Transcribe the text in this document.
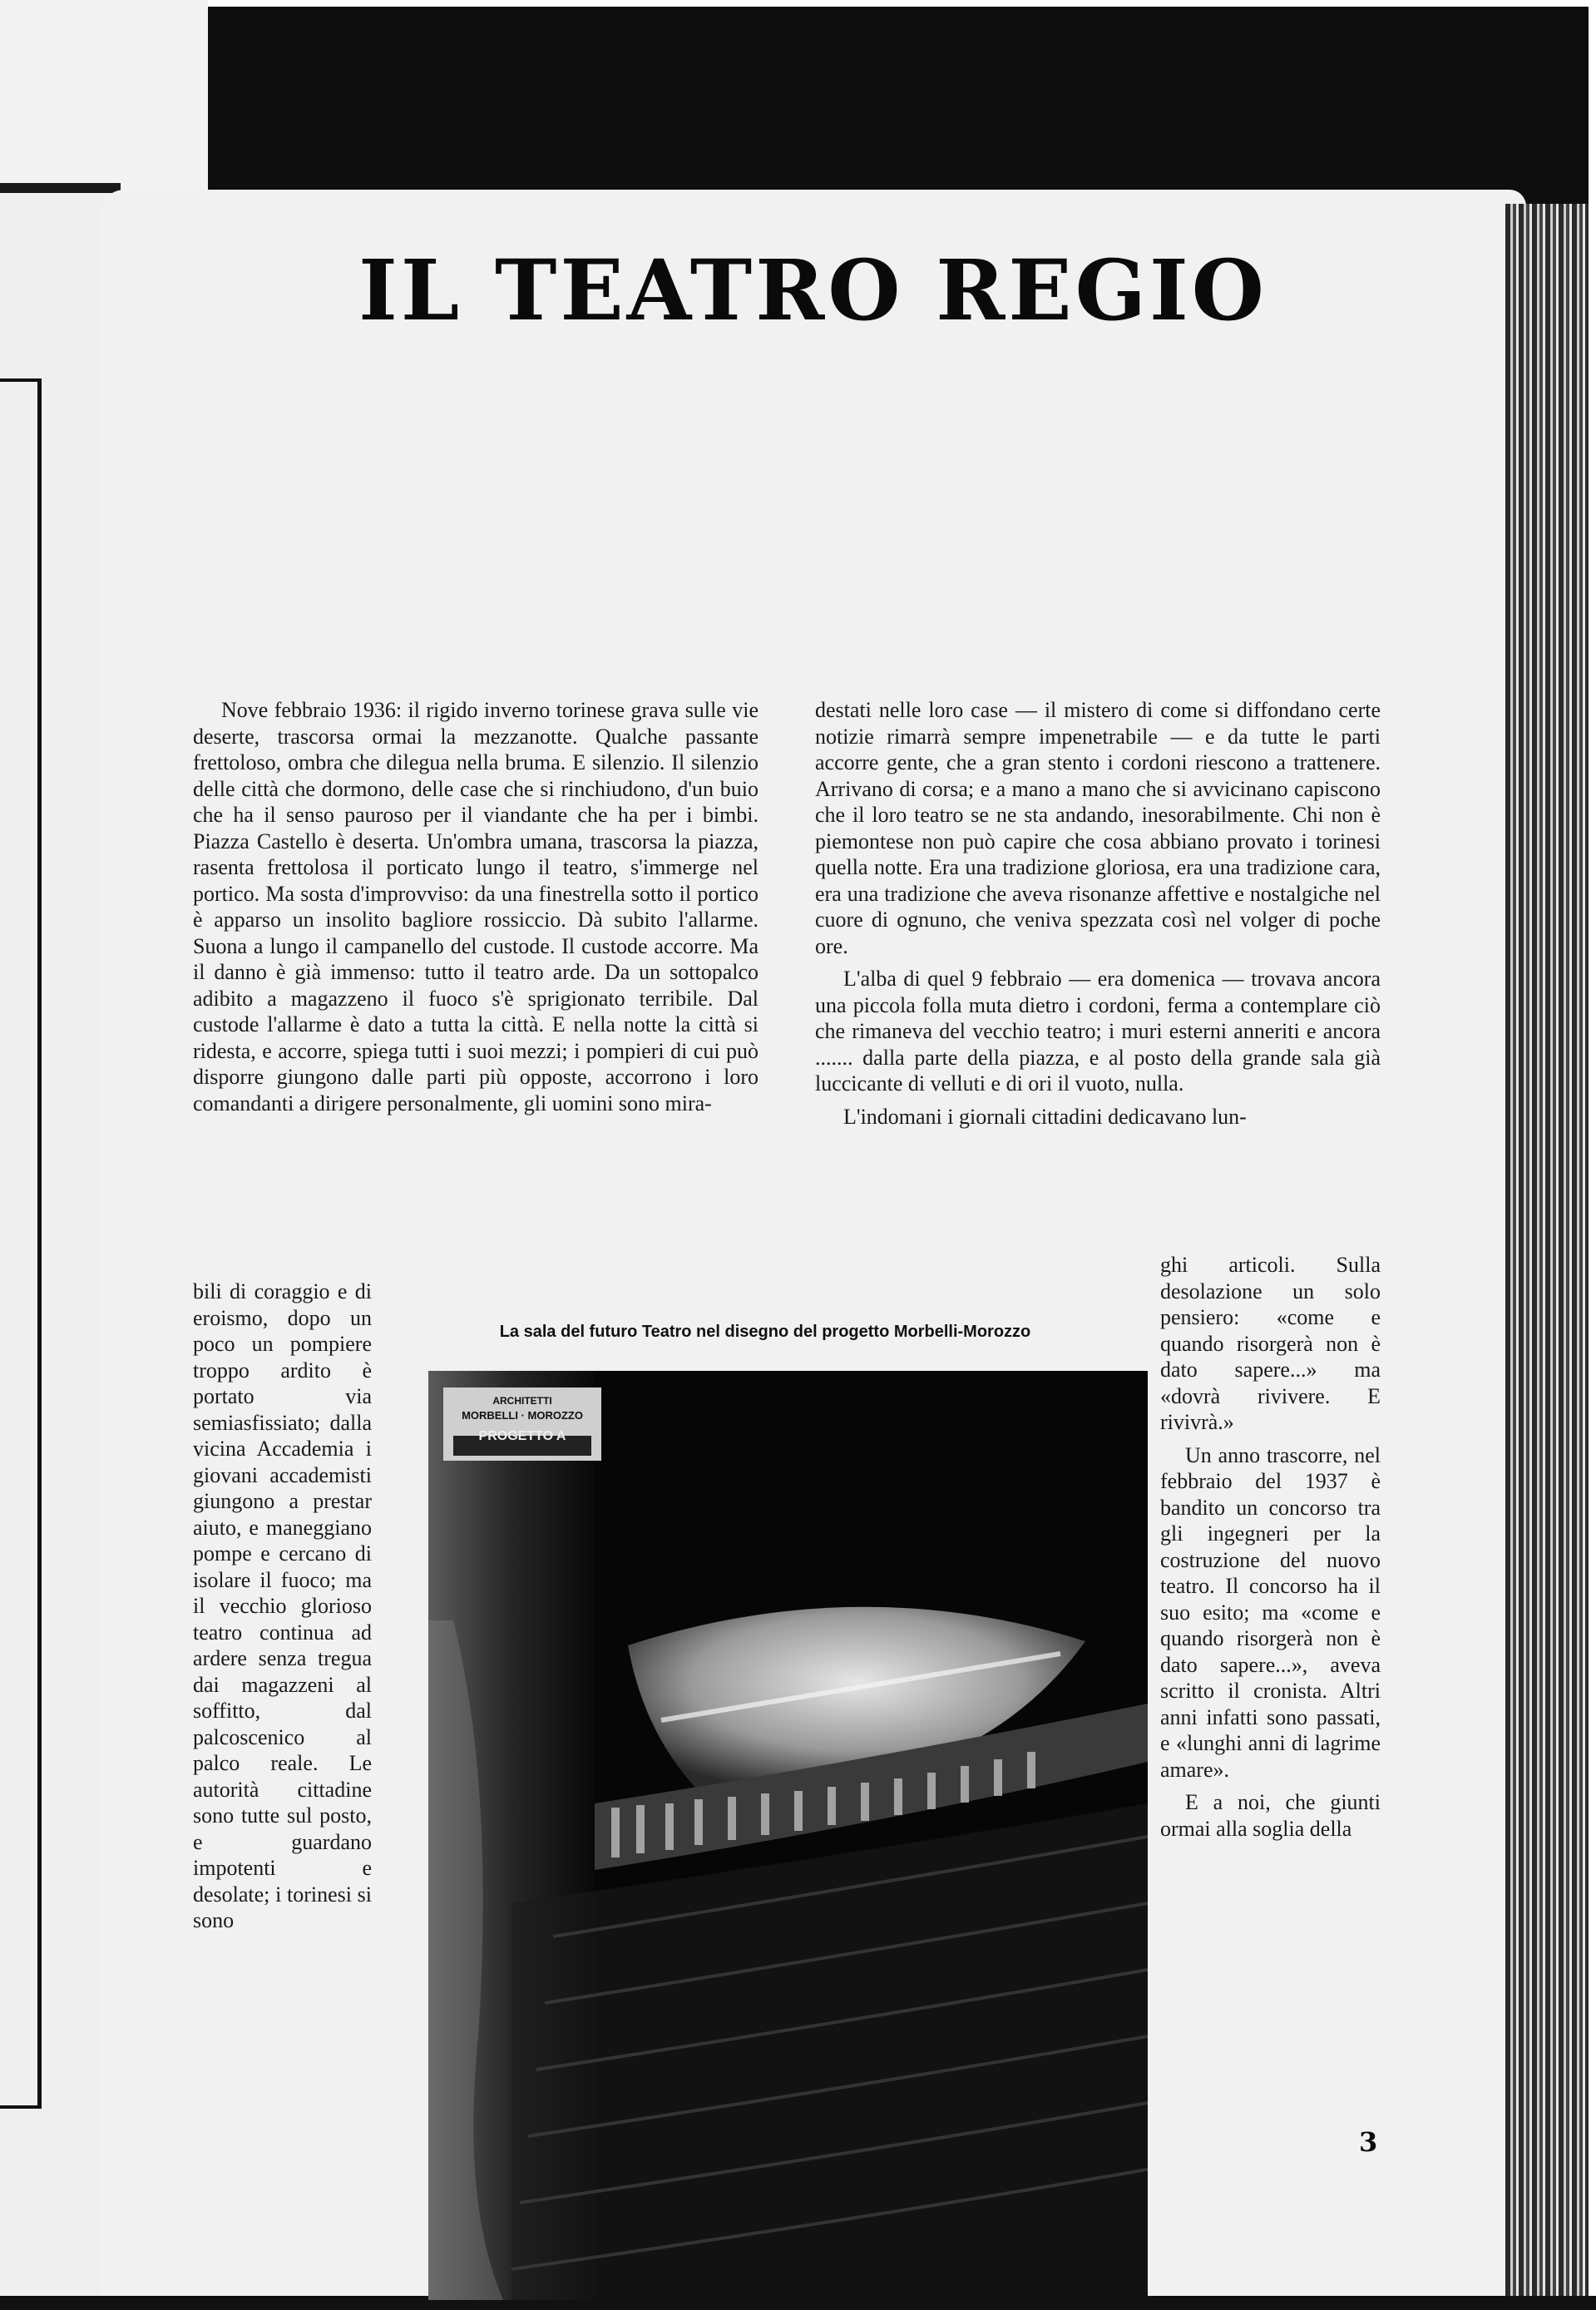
IL TEATRO REGIO

Nove febbraio 1936: il rigido inverno torinese grava sulle vie deserte, trascorsa ormai la mezzanotte. Qualche passante frettoloso, ombra che dilegua nella bruma. E silenzio. Il silenzio delle città che dormono, delle case che si rinchiudono, d'un buio che ha il senso pauroso per il viandante che ha per i bimbi. Piazza Castello è deserta. Un'ombra umana, trascorsa la piazza, rasenta frettolosa il porticato lungo il teatro, s'immerge nel portico. Ma sosta d'improvviso: da una finestrella sotto il portico è apparso un insolito bagliore rossiccio. Dà subito l'allarme. Suona a lungo il campanello del custode. Il custode accorre. Ma il danno è già immenso: tutto il teatro arde. Da un sottopalco adibito a magazzeno il fuoco s'è sprigionato terribile. Dal custode l'allarme è dato a tutta la città. E nella notte la città si ridesta, e accorre, spiega tutti i suoi mezzi; i pompieri di cui può disporre giungono dalle parti più opposte, accorrono i loro comandanti a dirigere personalmente, gli uomini sono mira-

bili di coraggio e di eroismo, dopo un poco un pompiere troppo ardito è portato via semiasfissiato; dalla vicina Accademia i giovani accademisti giungono a prestar aiuto, e maneggiano pompe e cercano di isolare il fuoco; ma il vecchio glorioso teatro continua ad ardere senza tregua dai magazzeni al soffitto, dal palcoscenico al palco reale. Le autorità cittadine sono tutte sul posto, e guardano impotenti e desolate; i torinesi si sono

destati nelle loro case — il mistero di come si diffondano certe notizie rimarrà sempre impenetrabile — e da tutte le parti accorre gente, che a gran stento i cordoni riescono a trattenere. Arrivano di corsa; e a mano a mano che si avvicinano capiscono che il loro teatro se ne sta andando, inesorabilmente. Chi non è piemontese non può capire che cosa abbiano provato i torinesi quella notte. Era una tradizione gloriosa, era una tradizione cara, era una tradizione che aveva risonanze affettive e nostalgiche nel cuore di ognuno, che veniva spezzata così nel volger di poche ore.

L'alba di quel 9 febbraio — era domenica — trovava ancora una piccola folla muta dietro i cordoni, ferma a contemplare ciò che rimaneva del vecchio teatro; i muri esterni anneriti e ancora ....... dalla parte della piazza, e al posto della grande sala già luccicante di velluti e di ori il vuoto, nulla.

L'indomani i giornali cittadini dedicavano lun-

ghi articoli. Sulla desolazione un solo pensiero: «come e quando risorgerà non è dato sapere...» ma «dovrà rivivere. E rivivrà.»

Un anno trascorre, nel febbraio del 1937 è bandito un concorso tra gli ingegneri per la costruzione del nuovo teatro. Il concorso ha il suo esito; ma «come e quando risorgerà non è dato sapere...», aveva scritto il cronista. Altri anni infatti sono passati, e «lunghi anni di lagrime amare».

E a noi, che giunti ormai alla soglia della

La sala del futuro Teatro nel disegno del progetto Morbelli-Morozzo
ARCHITETTI
MORBELLI · MOROZZO
PROGETTO A
3
